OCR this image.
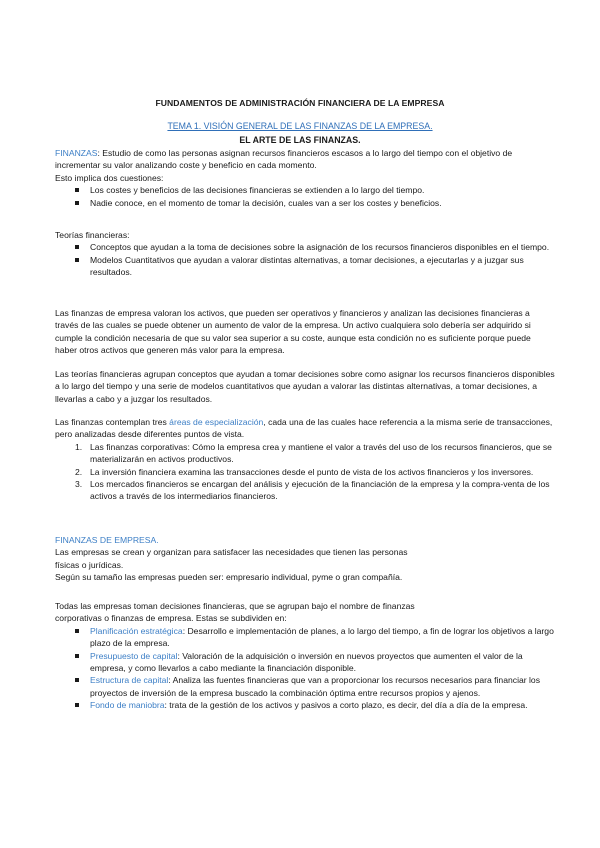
FUNDAMENTOS DE ADMINISTRACIÓN FINANCIERA DE LA EMPRESA
TEMA 1. VISIÓN GENERAL DE LAS FINANZAS DE LA EMPRESA.
EL ARTE DE LAS FINANZAS.

FINANZAS: Estudio de como las personas asignan recursos financieros escasos a lo largo del tiempo con el objetivo de incrementar su valor analizando coste y beneficio en cada momento.

Esto implica dos cuestiones:

Los costes y beneficios de las decisiones financieras se extienden a lo largo del tiempo.
Nadie conoce, en el momento de tomar la decisión, cuales van a ser los costes y beneficios.

Teorías financieras:

Conceptos que ayudan a la toma de decisiones sobre la asignación de los recursos financieros disponibles en el tiempo.
Modelos Cuantitativos que ayudan a valorar distintas alternativas, a tomar decisiones, a ejecutarlas y a juzgar sus resultados.

Las finanzas de empresa valoran los activos, que pueden ser operativos y financieros y analizan las decisiones financieras a través de las cuales se puede obtener un aumento de valor de la empresa. Un activo cualquiera solo debería ser adquirido si cumple la condición necesaria de que su valor sea superior a su coste, aunque esta condición no es suficiente porque puede haber otros activos que generen más valor para la empresa.

Las teorías financieras agrupan conceptos que ayudan a tomar decisiones sobre como asignar los recursos financieros disponibles a lo largo del tiempo y una serie de modelos cuantitativos que ayudan a valorar las distintas alternativas, a tomar decisiones, a llevarlas a cabo y a juzgar los resultados.

Las finanzas contemplan tres áreas de especialización, cada una de las cuales hace referencia a la misma serie de transacciones, pero analizadas desde diferentes puntos de vista.

1. Las finanzas corporativas: Cómo la empresa crea y mantiene el valor a través del uso de los recursos financieros, que se materializarán en activos productivos.
2. La inversión financiera examina las transacciones desde el punto de vista de los activos financieros y los inversores.
3. Los mercados financieros se encargan del análisis y ejecución de la financiación de la empresa y la compra-venta de los activos a través de los intermediarios financieros.

FINANZAS DE EMPRESA.

Las empresas se crean y organizan para satisfacer las necesidades que tienen las personas

físicas o jurídicas.

Según su tamaño las empresas pueden ser: empresario individual, pyme o gran compañía.

Todas las empresas toman decisiones financieras, que se agrupan bajo el nombre de finanzas

corporativas o finanzas de empresa. Estas se subdividen en:

Planificación estratégica: Desarrollo e implementación de planes, a lo largo del tiempo, a fin de lograr los objetivos a largo plazo de la empresa.
Presupuesto de capital: Valoración de la adquisición o inversión en nuevos proyectos que aumenten el valor de la empresa, y como llevarlos a cabo mediante la financiación disponible.
Estructura de capital: Analiza las fuentes financieras que van a proporcionar los recursos necesarios para financiar los proyectos de inversión de la empresa buscado la combinación óptima entre recursos propios y ajenos.
Fondo de maniobra: trata de la gestión de los activos y pasivos a corto plazo, es decir, del día a día de la empresa.
